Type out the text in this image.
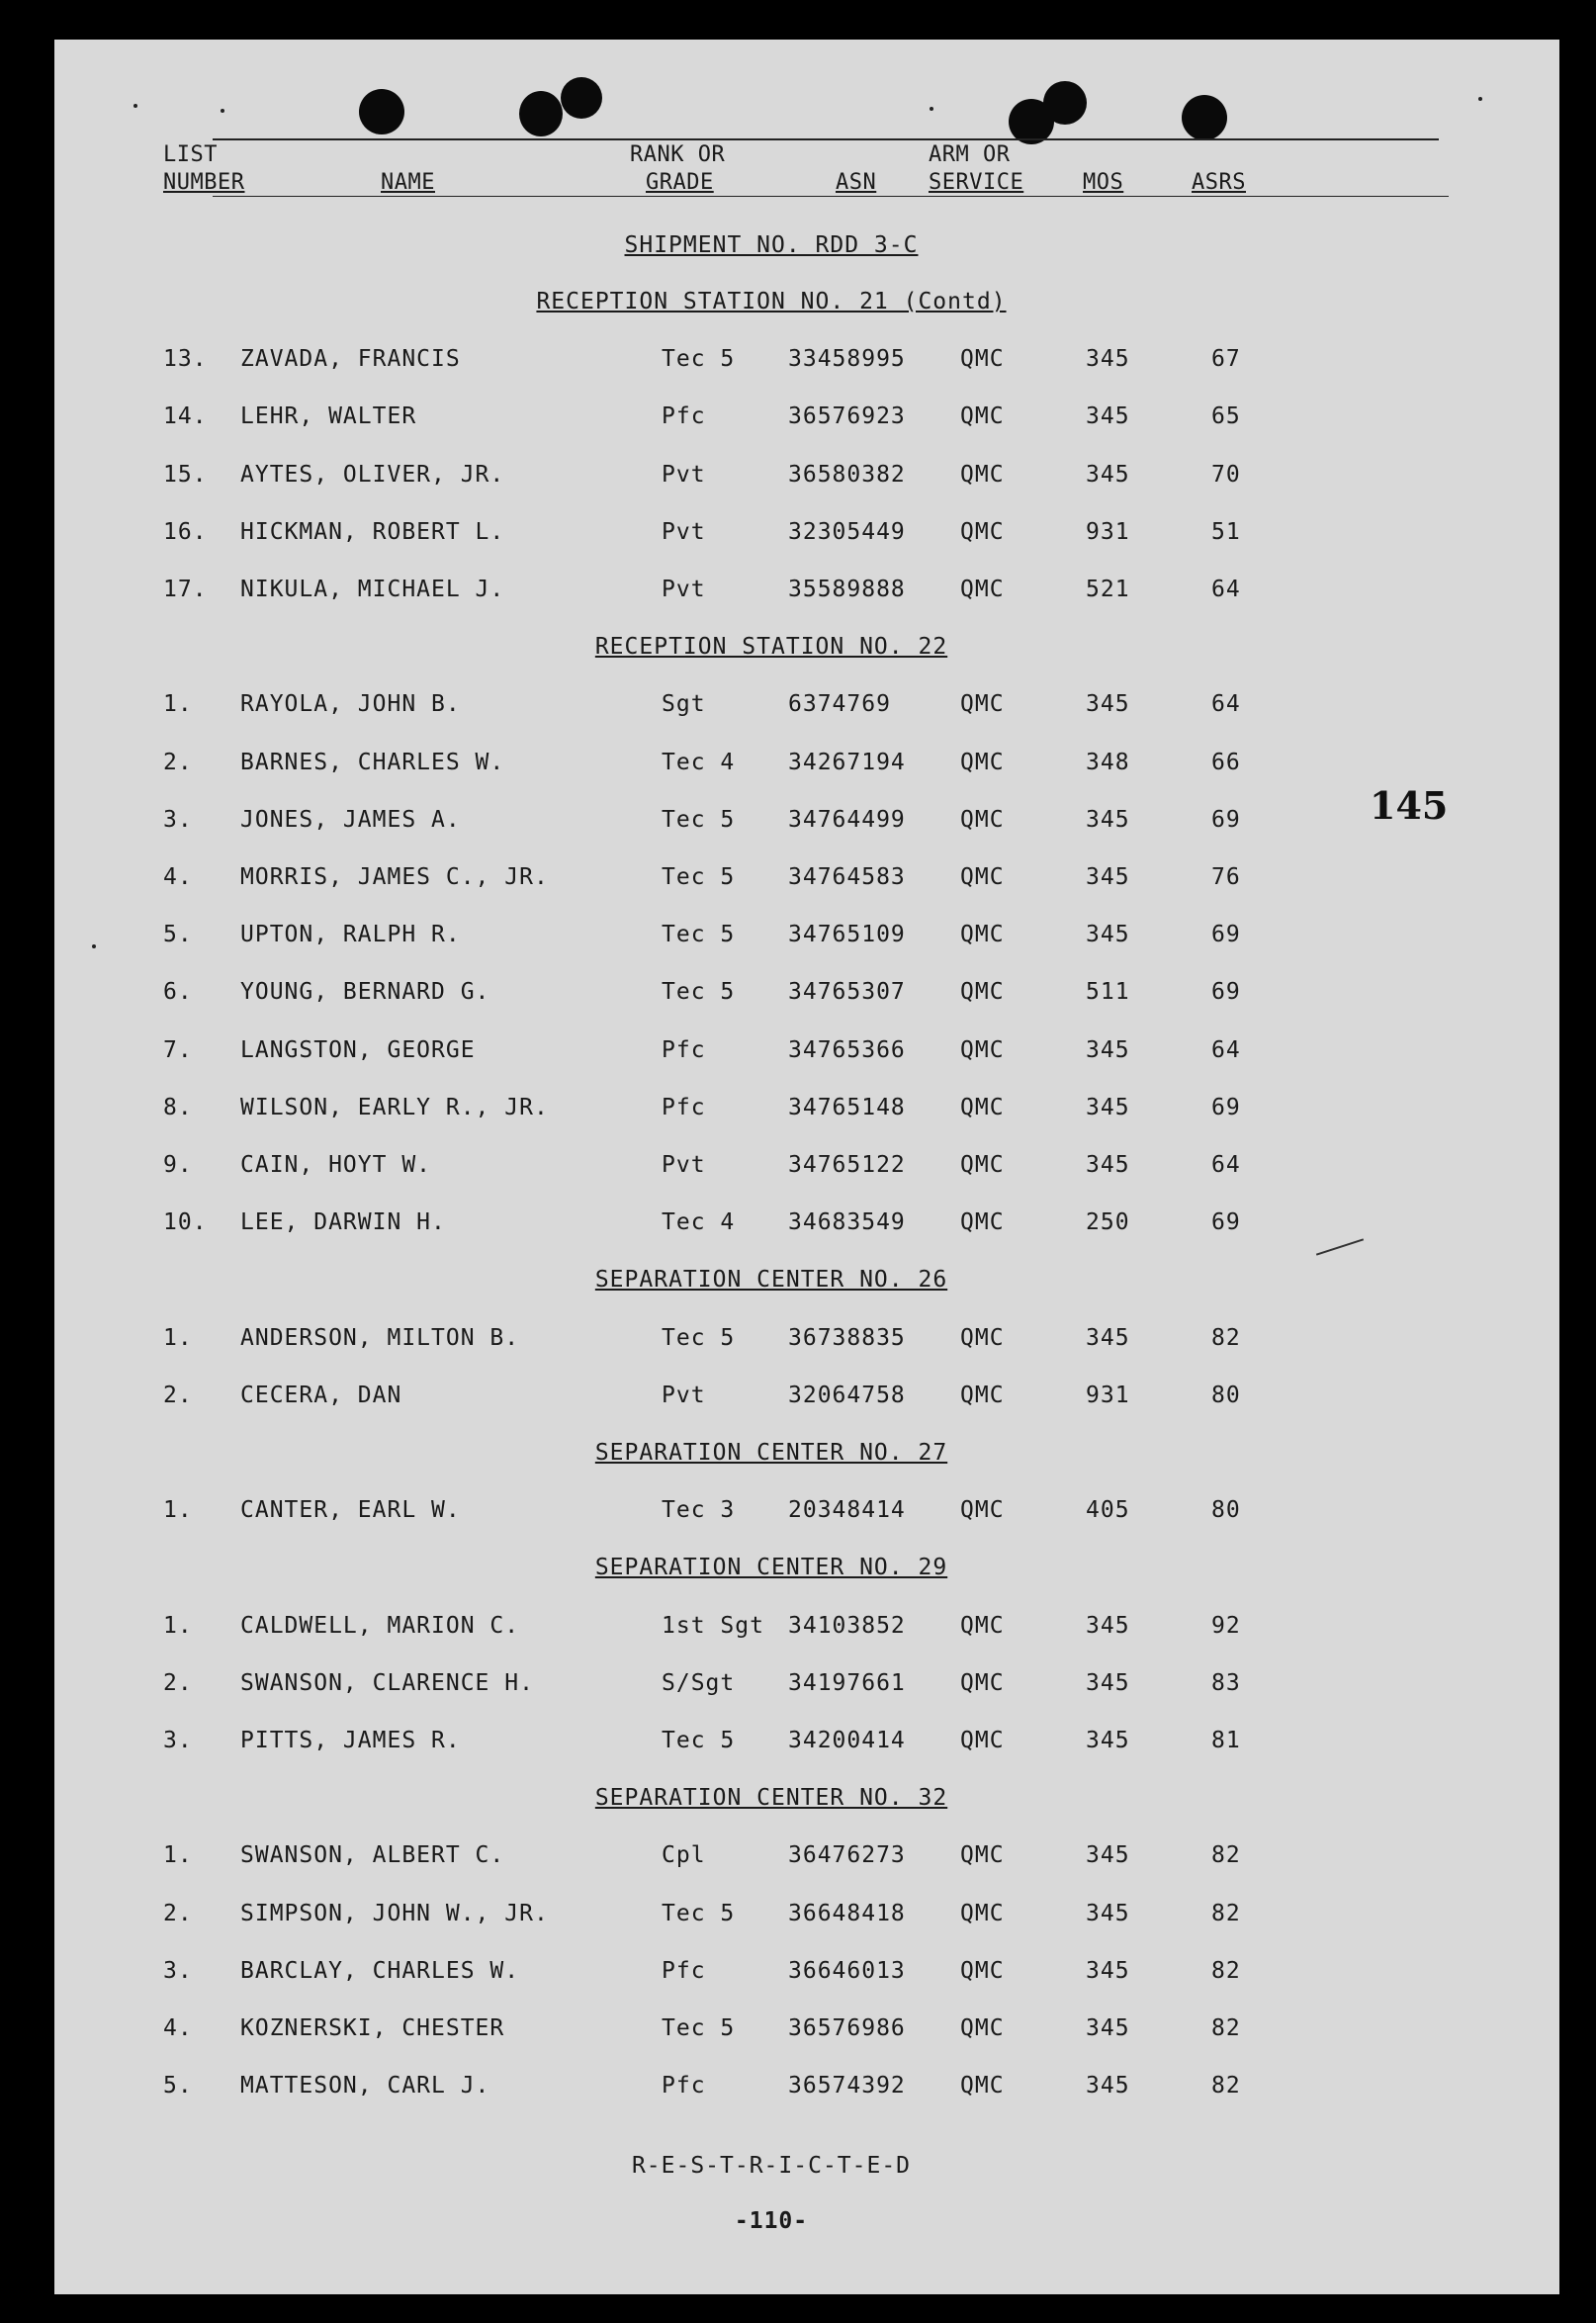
LIST
NUMBER	NAME
RANK OR
GRADE	ASN
ARM OR
SERVICE	MOS	ASRS
SHIPMENT NO. RDD 3-C
RECEPTION STATION NO. 21 (Contd)
13. ZAVADA, FRANCIS	Tec 5 33458995 QMC	345	67
14. LEHR, WALTER	Pfc	36576923 QMC	345	65
15. AYTES, OLIVER, JR.	Pvt	36580382 QMC	345	70
16. HICKMAN, ROBERT L.	Pvt	32305449 QMC	931	51
17. NIKULA, MICHAEL J.	Pvt	35589888 QMC	521	64
RECEPTION STATION NO. 22
1. RAYOLA, JOHN B.	Sgt	6374769	QMC	345	64
2. BARNES, CHARLES W.	Tec 4 34267194 QMC	348	66
3. JONES, JAMES A.	Tec 5 34764499 QMC	345	69
4. MORRIS, JAMES C., JR.	Tec 5 34764583 QMC	345	76
5. UPTON, RALPH R.	Tec 5 34765109 QMC	345	69
6. YOUNG, BERNARD G.	Tec 5 34765307 QMC	511	69
7. LANGSTON, GEORGE	Pfc	34765366 QMC	345	64
8. WILSON, EARLY R., JR.	Pfc	34765148 QMC	345	69
9. CAIN, HOYT W.	Pvt	34765122 QMC	345	64
10. LEE, DARWIN H.	Tec 4 34683549 QMC	250	69
SEPARATION CENTER NO. 26
1. ANDERSON, MILTON B.	Tec 5 36738835 QMC	345	82
2. CECERA, DAN	Pvt	32064758 QMC	931	80
SEPARATION CENTER NO. 27
1. CANTER, EARL W.	Tec 3 20348414 QMC	405	80
SEPARATION CENTER NO. 29
1. CALDWELL, MARION C.	1st Sgt 34103852 QMC	345	92
2. SWANSON, CLARENCE H.	S/Sgt 34197661 QMC	345	83
3. PITTS, JAMES R.	Tec 5 34200414 QMC	345	81
SEPARATION CENTER NO. 32
1. SWANSON, ALBERT C.	Cpl	36476273 QMC	345	82
2. SIMPSON, JOHN W., JR.	Tec 5 36648418 QMC	345	82
3. BARCLAY, CHARLES W.	Pfc	36646013 QMC	345	82
4. KOZNERSKI, CHESTER	Tec 5 36576986 QMC	345	82
5. MATTESON, CARL J.	Pfc	36574392 QMC	345	82
145
R-E-S-T-R-I-C-T-E-D
-110-
